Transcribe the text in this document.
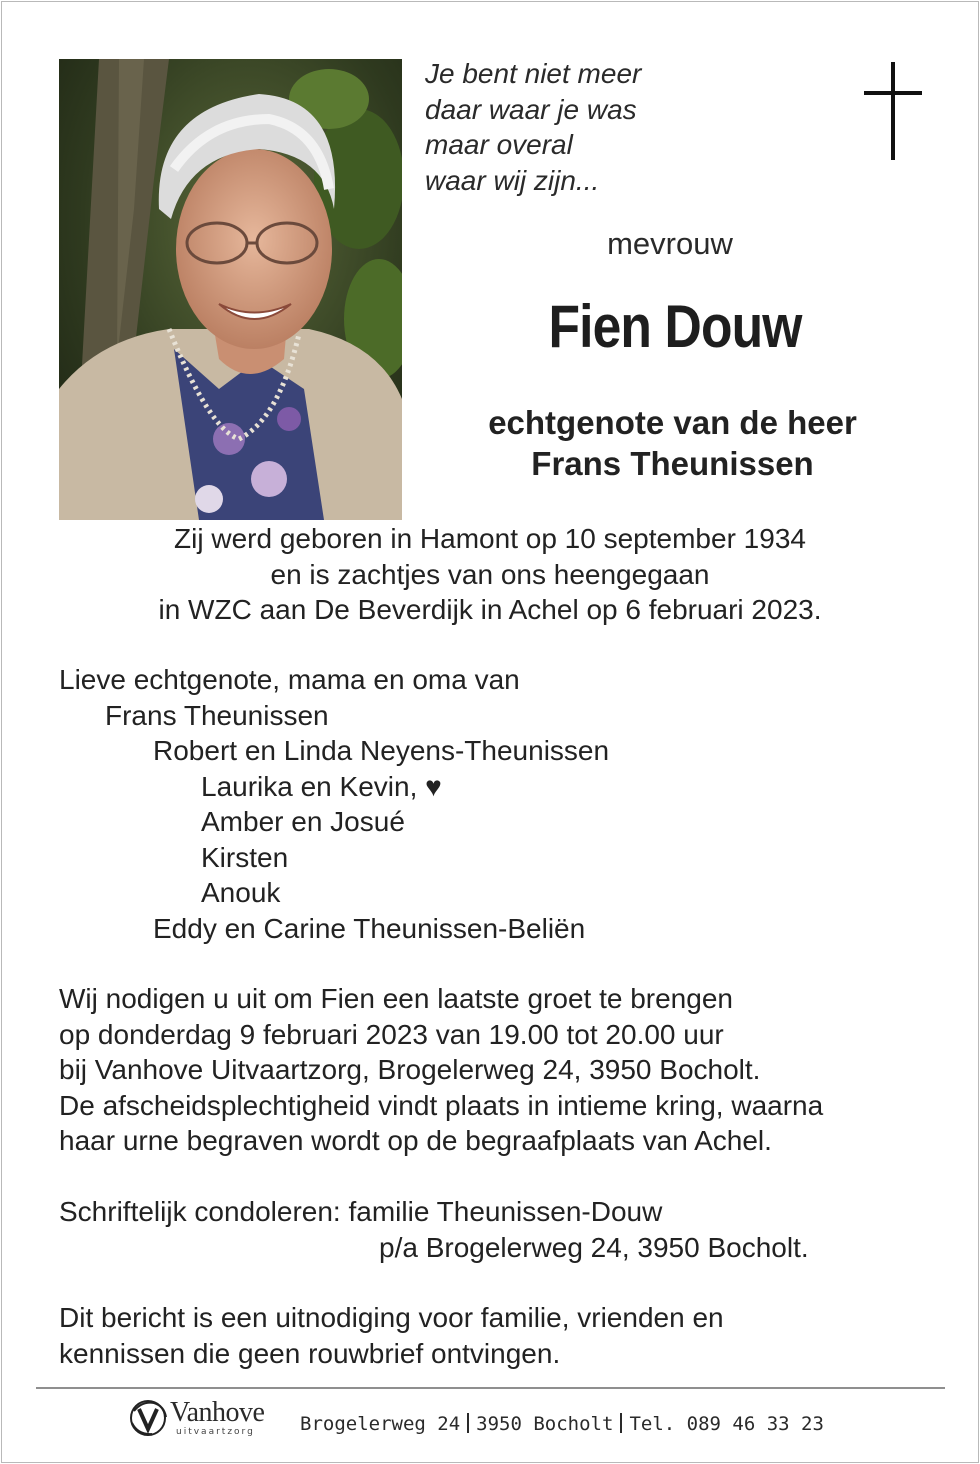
Je bent niet meer
daar waar je was
maar overal
waar wij zijn...
mevrouw
Fien Douw
echtgenote van de heer
Frans Theunissen
Zij werd geboren in Hamont op 10 september 1934
en is zachtjes van ons heengegaan
in WZC aan De Beverdijk in Achel op 6 februari 2023.
Lieve echtgenote, mama en oma van
Frans Theunissen
Robert en Linda Neyens-Theunissen
Laurika en Kevin, ♥
Amber en Josué
Kirsten
Anouk
Eddy en Carine Theunissen-Beliën
Wij nodigen u uit om Fien een laatste groet te brengen
op donderdag 9 februari 2023 van 19.00 tot 20.00 uur
bij Vanhove Uitvaartzorg, Brogelerweg 24, 3950 Bocholt.
De afscheidsplechtigheid vindt plaats in intieme kring, waarna
haar urne begraven wordt op de begraafplaats van Achel.
Schriftelijk condoleren: familie Theunissen-Douw
p/a Brogelerweg 24, 3950 Bocholt.
Dit bericht is een uitnodiging voor familie, vrienden en
kennissen die geen rouwbrief ontvingen.
Vanhove
uitvaartzorg Brogelerweg 24 3950 Bocholt Tel. 089 46 33 23
